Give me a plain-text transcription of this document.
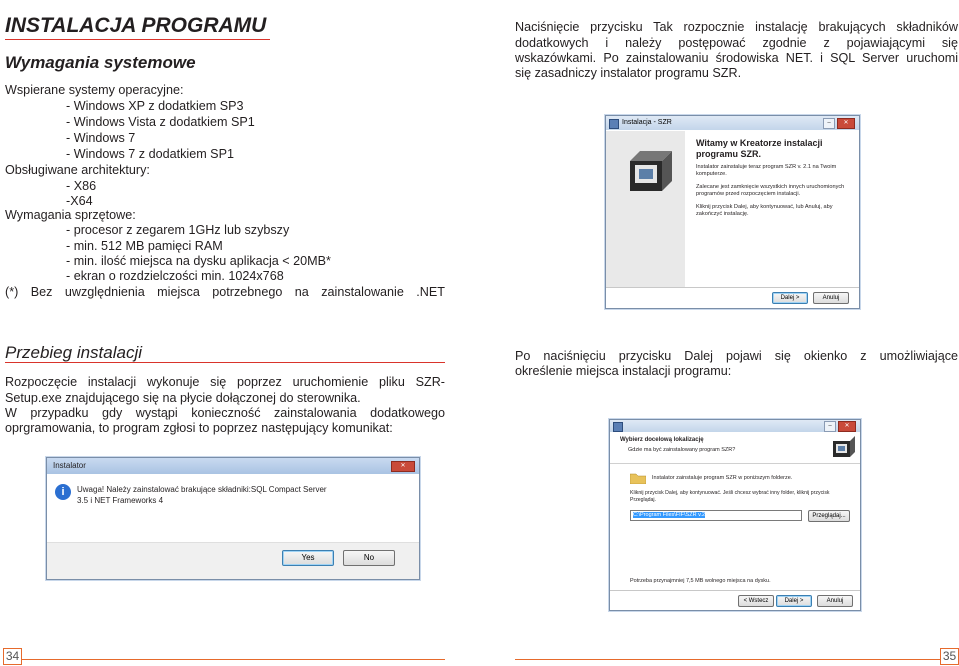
INSTALACJA PROGRAMU
Wymagania systemowe
Wspierane systemy operacyjne:
- Windows XP z dodatkiem SP3
- Windows Vista z dodatkiem SP1
- Windows 7
- Windows 7 z dodatkiem SP1
Obsługiwane architektury:
- X86
-X64
Wymagania sprzętowe:
- procesor z zegarem 1GHz lub szybszy
- min. 512 MB pamięci RAM
- min. ilość miejsca na dysku aplikacja < 20MB*
- ekran o rozdzielczości min. 1024x768
(*) Bez uwzględnienia miejsca potrzebnego na zainstalowanie .NET
Przebieg instalacji
Rozpoczęcie instalacji wykonuje się poprzez uruchomienie pliku SZR-
Setup.exe znajdującego się na płycie dołączonej do sterownika.
W przypadku gdy wystąpi konieczność zainstalowania dodatkowego
oprgramowania, to program zgłosi to poprzez następujący komunikat:
Instalator	✕
i	Uwaga! Należy zainstalować brakujące składniki:SQL Compact Server
3.5 i NET Frameworks 4
Yes	No
34
Naciśnięcie przycisku Tak rozpocznie instalację brakujących składników
dodatkowych i należy postępować zgodnie z pojawiającymi się
wskazówkami. Po zainstalowaniu środowiska NET. i SQL Server uruchomi
się zasadniczy instalator programu SZR.
Instalacja - SZR	–	✕
Witamy w Kreatorze instalacji
programu SZR.
Instalator zainstaluje teraz program SZR v. 2.1 na Twoim komputerze.
Zalecane jest zamknięcie wszystkich innych uruchomionych programów przed rozpoczęciem instalacji.
Kliknij przycisk Dalej, aby kontynuować, lub Anuluj, aby zakończyć instalację.
Dalej >	Anuluj
Po naciśnięciu przycisku Dalej pojawi się okienko z umożliwiające
określenie miejsca instalacji programu:
–	✕
Wybierz docelową lokalizację
Gdzie ma być zainstalowany program SZR?
Instalator zainstaluje program SZR w poniższym folderze.
Kliknij przycisk Dalej, aby kontynuować. Jeśli chcesz wybrać inny folder, kliknij przycisk Przeglądaj.
C:\Program Files\FIF\SZR v.2	Przeglądaj...
Potrzeba przynajmniej 7,5 MB wolnego miejsca na dysku.
< Wstecz	Dalej >	Anuluj
35
